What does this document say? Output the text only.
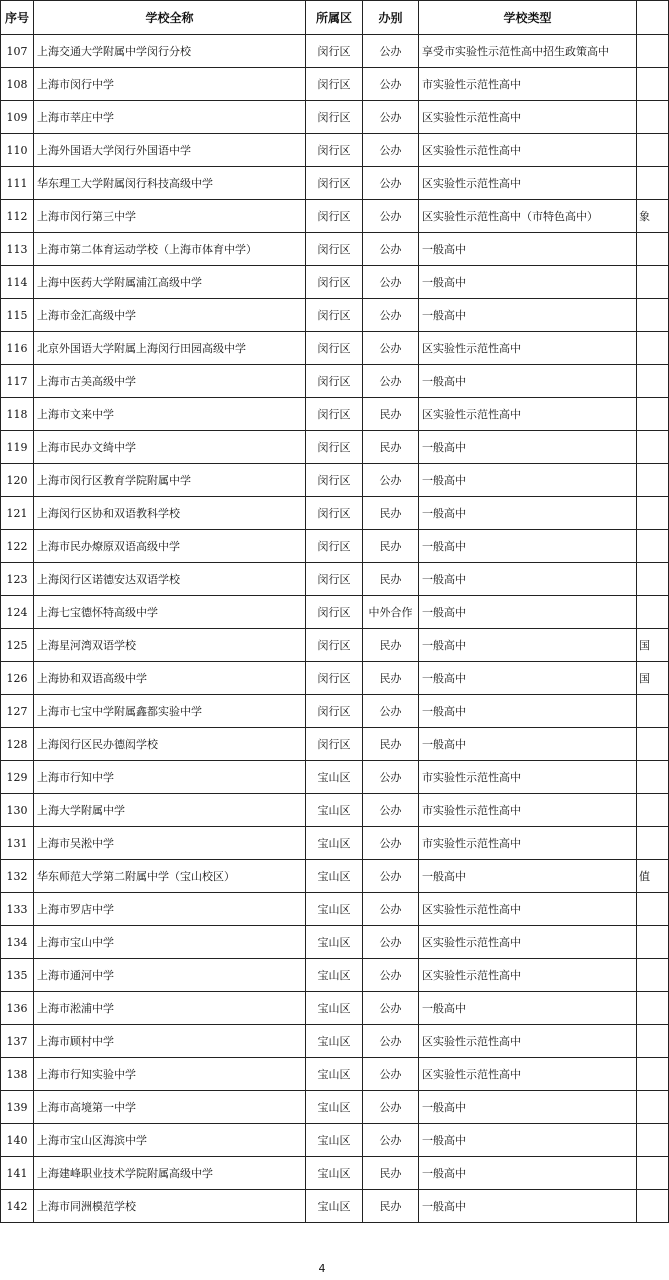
序号	学校全称	所属区	办别	学校类型	
107	上海交通大学附属中学闵行分校	闵行区	公办	享受市实验性示范性高中招生政策高中	
108	上海市闵行中学	闵行区	公办	市实验性示范性高中	
109	上海市莘庄中学	闵行区	公办	区实验性示范性高中	
110	上海外国语大学闵行外国语中学	闵行区	公办	区实验性示范性高中	
111	华东理工大学附属闵行科技高级中学	闵行区	公办	区实验性示范性高中	
112	上海市闵行第三中学	闵行区	公办	区实验性示范性高中（市特色高中）	象
113	上海市第二体育运动学校（上海市体育中学）	闵行区	公办	一般高中	
114	上海中医药大学附属浦江高级中学	闵行区	公办	一般高中	
115	上海市金汇高级中学	闵行区	公办	一般高中	
116	北京外国语大学附属上海闵行田园高级中学	闵行区	公办	区实验性示范性高中	
117	上海市古美高级中学	闵行区	公办	一般高中	
118	上海市文来中学	闵行区	民办	区实验性示范性高中	
119	上海市民办文绮中学	闵行区	民办	一般高中	
120	上海市闵行区教育学院附属中学	闵行区	公办	一般高中	
121	上海闵行区协和双语教科学校	闵行区	民办	一般高中	
122	上海市民办燎原双语高级中学	闵行区	民办	一般高中	
123	上海闵行区诺德安达双语学校	闵行区	民办	一般高中	
124	上海七宝德怀特高级中学	闵行区	中外合作	一般高中	
125	上海星河湾双语学校	闵行区	民办	一般高中	国
126	上海协和双语高级中学	闵行区	民办	一般高中	国
127	上海市七宝中学附属鑫都实验中学	闵行区	公办	一般高中	
128	上海闵行区民办德闳学校	闵行区	民办	一般高中	
129	上海市行知中学	宝山区	公办	市实验性示范性高中	
130	上海大学附属中学	宝山区	公办	市实验性示范性高中	
131	上海市吴淞中学	宝山区	公办	市实验性示范性高中	
132	华东师范大学第二附属中学（宝山校区）	宝山区	公办	一般高中	值
133	上海市罗店中学	宝山区	公办	区实验性示范性高中	
134	上海市宝山中学	宝山区	公办	区实验性示范性高中	
135	上海市通河中学	宝山区	公办	区实验性示范性高中	
136	上海市淞浦中学	宝山区	公办	一般高中	
137	上海市顾村中学	宝山区	公办	区实验性示范性高中	
138	上海市行知实验中学	宝山区	公办	区实验性示范性高中	
139	上海市高境第一中学	宝山区	公办	一般高中	
140	上海市宝山区海滨中学	宝山区	公办	一般高中	
141	上海建峰职业技术学院附属高级中学	宝山区	民办	一般高中	
142	上海市同洲模范学校	宝山区	民办	一般高中	
4
